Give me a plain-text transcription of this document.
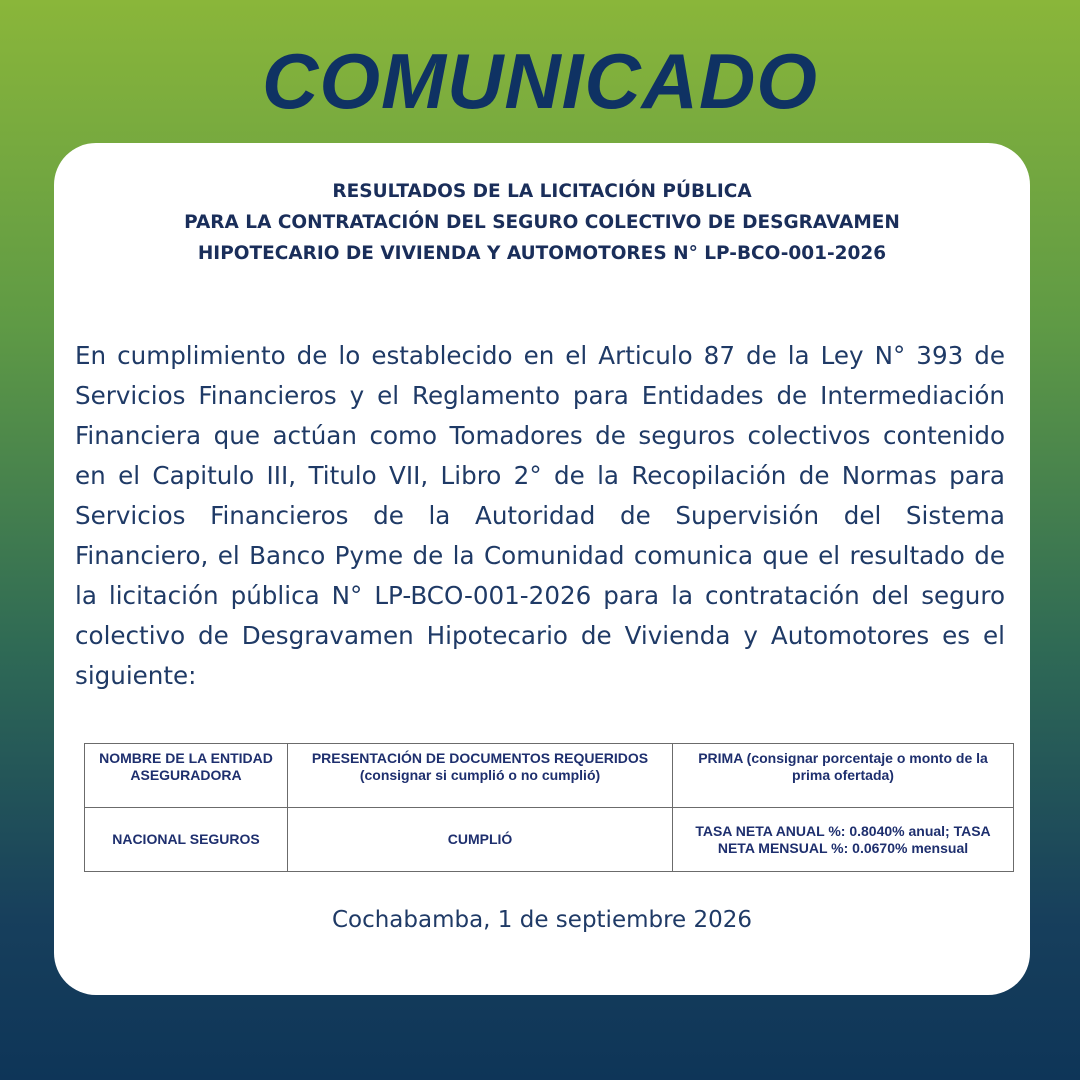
COMUNICADO
RESULTADOS DE LA LICITACIÓN PÚBLICA
PARA LA CONTRATACIÓN DEL SEGURO COLECTIVO DE DESGRAVAMEN
HIPOTECARIO DE VIVIENDA Y AUTOMOTORES N° LP-BCO-001-2026

En cumplimiento de lo establecido en el Articulo 87 de la Ley N° 393 de Servicios Financieros y el Reglamento para Entidades de Intermediación Financiera que actúan como Tomadores de seguros colectivos contenido en el Capitulo III, Titulo VII, Libro 2° de la Recopilación de Normas para Servicios Financieros de la Autoridad de Supervisión del Sistema Financiero, el Banco Pyme de la Comunidad comunica que el resultado de la licitación pública N° LP-BCO-001-2026 para la contratación del seguro colectivo de Desgravamen Hipotecario de Vivienda y Automotores es el siguiente:

NOMBRE DE LA ENTIDAD ASEGURADORA	PRESENTACIÓN DE DOCUMENTOS REQUERIDOS (consignar si cumplió o no cumplió)	PRIMA (consignar porcentaje o monto de la prima ofertada)
NACIONAL SEGUROS	CUMPLIÓ	TASA NETA ANUAL %: 0.8040% anual; TASA NETA MENSUAL %: 0.0670% mensual
Cochabamba, 1 de septiembre 2026
